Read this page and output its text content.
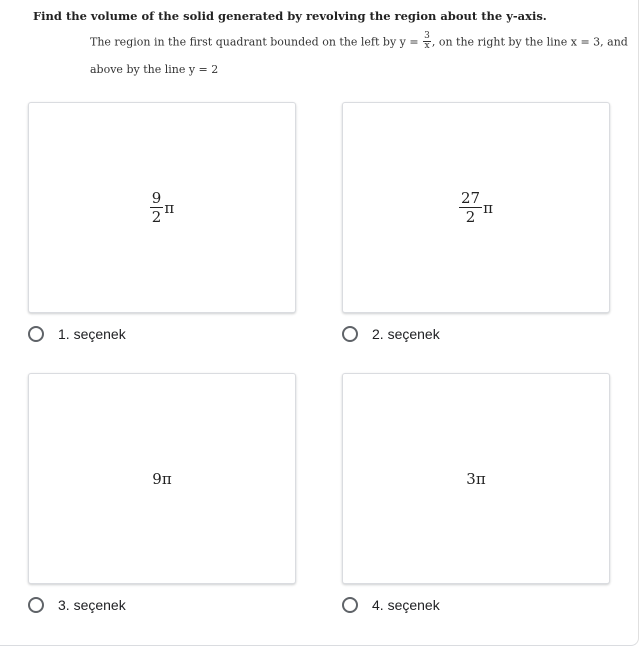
Find the volume of the solid generated by revolving the region about the y-axis.
The region in the first quadrant bounded on the left by $y = \frac{3}{x}$ , on the right by the line x = 3, and
above by the line y = 2
$\frac{9}{2}$ π
1. seçenek
$\frac{27}{2}$ π
2. seçenek
9π
3. seçenek
3π
4. seçenek
